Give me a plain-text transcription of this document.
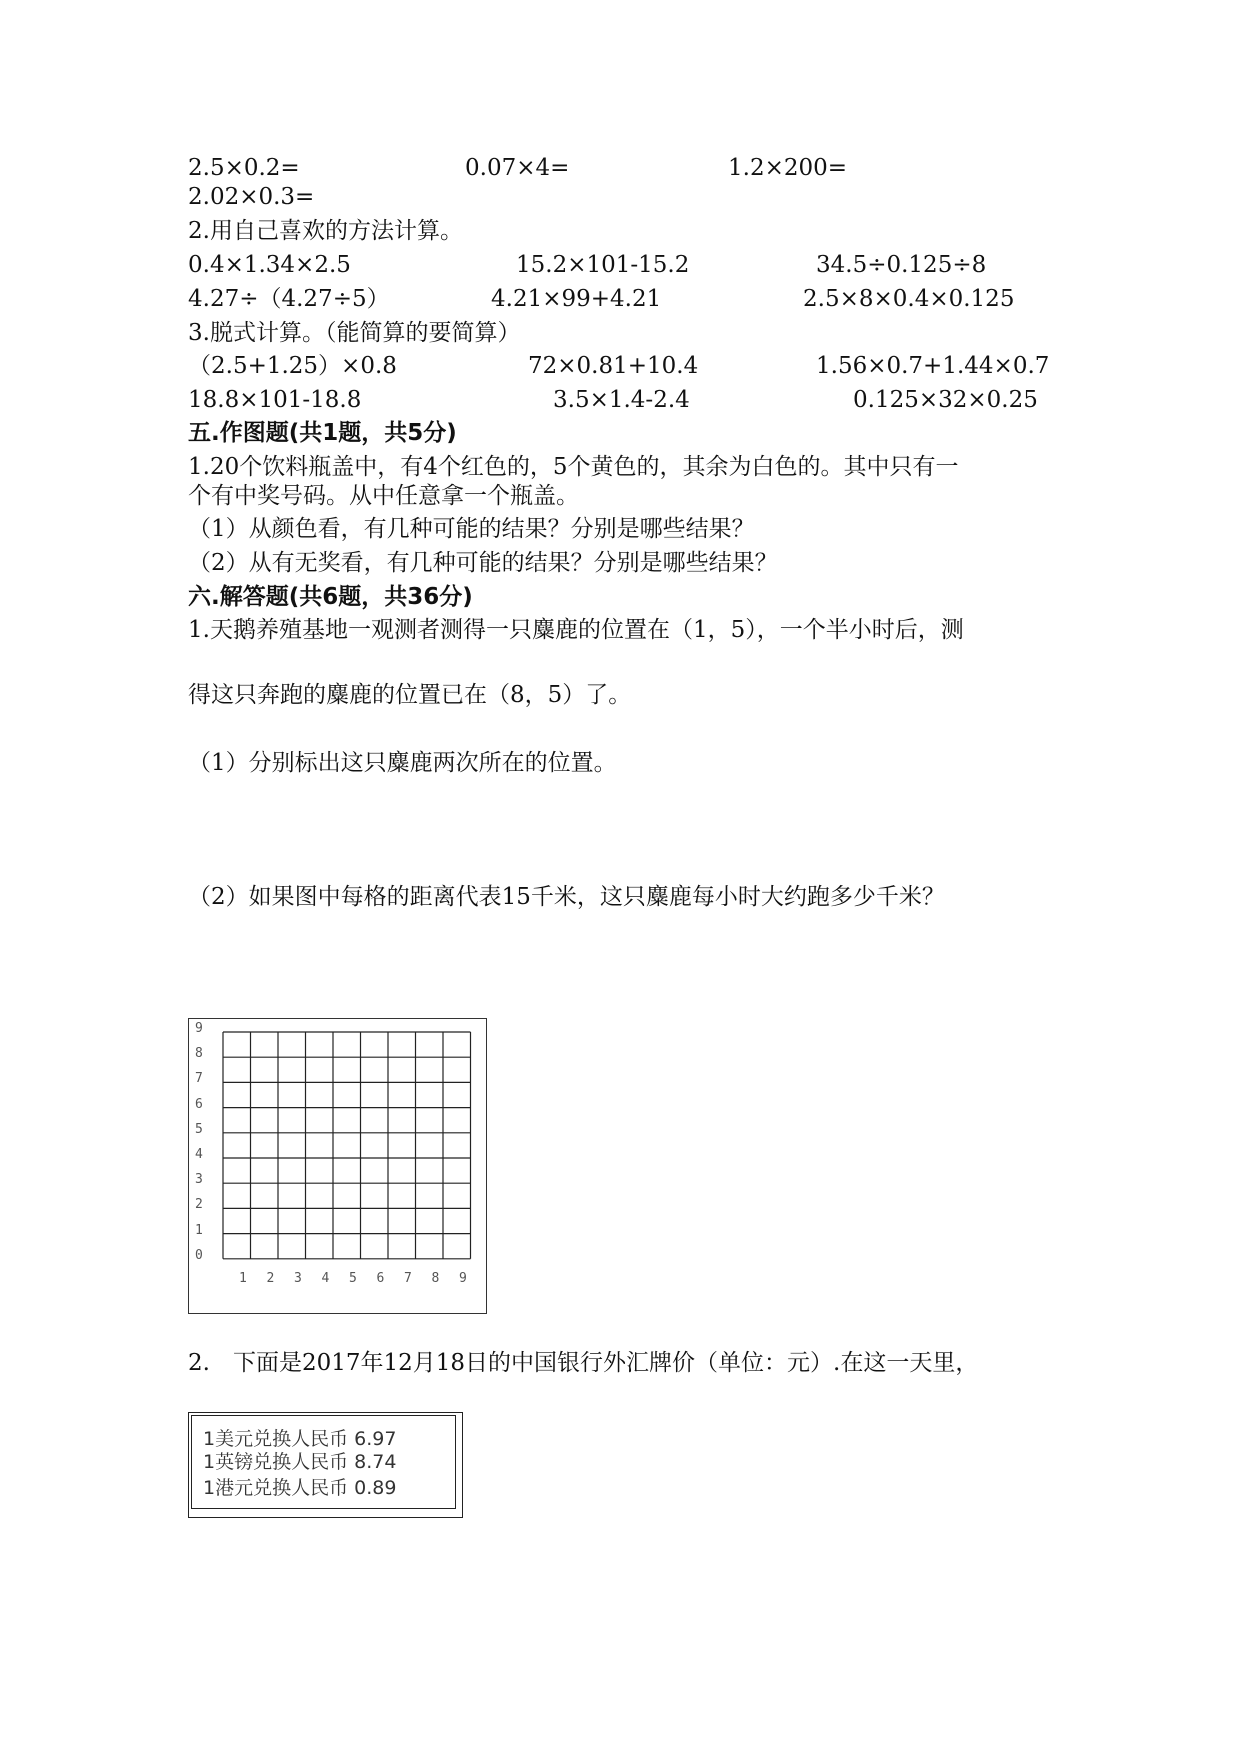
2.5×0.2=	0.07×4=	1.2×200=
2.02×0.3=
2.用自己喜欢的方法计算。
0.4×1.34×2.5	15.2×101-15.2	34.5÷0.125÷8
4.27÷（4.27÷5）	4.21×99+4.21	2.5×8×0.4×0.125
3.脱式计算。（能简算的要简算）
（2.5+1.25）×0.8	72×0.81+10.4	1.56×0.7+1.44×0.7
18.8×101-18.8	3.5×1.4-2.4	0.125×32×0.25
五.作图题(共1题，共5分)
1.20个饮料瓶盖中，有4个红色的，5个黄色的，其余为白色的。其中只有一
个有中奖号码。从中任意拿一个瓶盖。
（1）从颜色看，有几种可能的结果？分别是哪些结果？
（2）从有无奖看，有几种可能的结果？分别是哪些结果？
六.解答题(共6题，共36分)
1.天鹅养殖基地一观测者测得一只麋鹿的位置在（1，5），一个半小时后，测
得这只奔跑的麋鹿的位置已在（8，5）了。
（1）分别标出这只麋鹿两次所在的位置。
（2）如果图中每格的距离代表15千米，这只麋鹿每小时大约跑多少千米？
9
8
7
6
5
4
3
2
1
0
1 2 3 4 5 6 7 8 9
2.　下面是2017年12月18日的中国银行外汇牌价（单位：元）.在这一天里，
1美元兑换人民币 6.97
1英镑兑换人民币 8.74
1港元兑换人民币 0.89
